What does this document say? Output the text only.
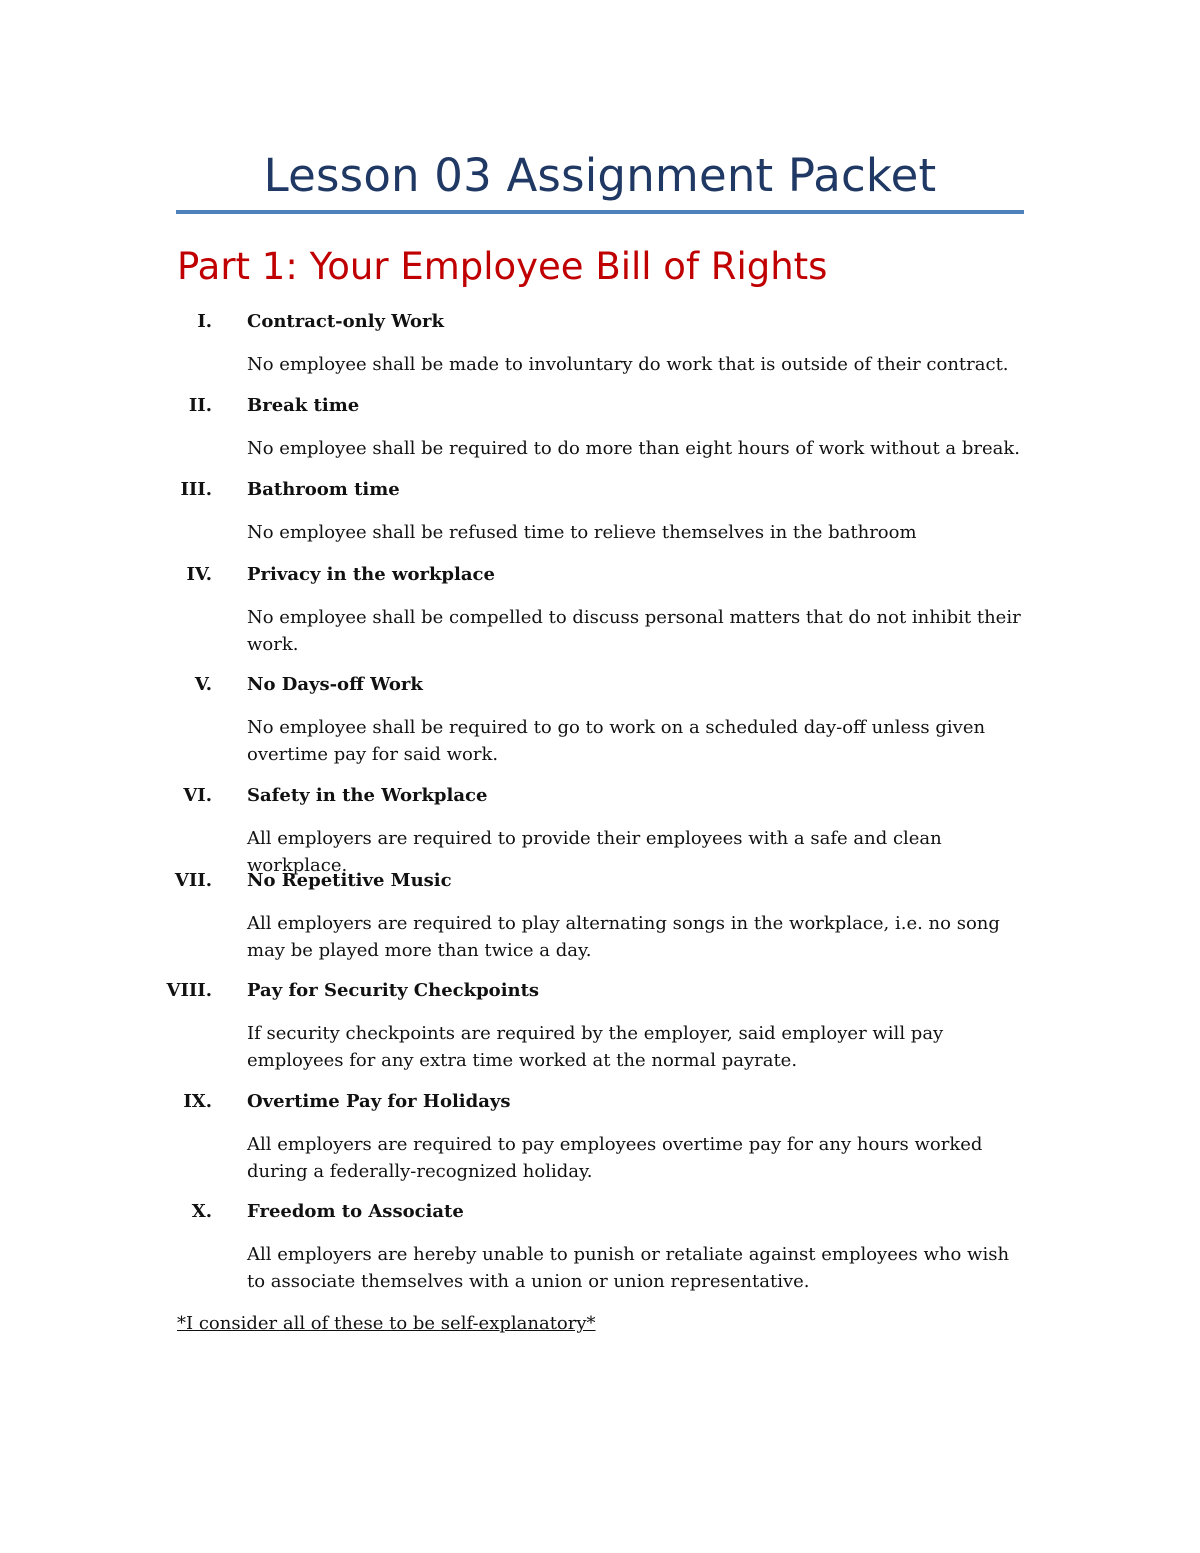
Lesson 03 Assignment Packet
Part 1: Your Employee Bill of Rights
I. Contract-only Work
No employee shall be made to involuntary do work that is outside of their contract.
II. Break time
No employee shall be required to do more than eight hours of work without a break.
III. Bathroom time
No employee shall be refused time to relieve themselves in the bathroom
IV. Privacy in the workplace
No employee shall be compelled to discuss personal matters that do not inhibit their work.
V. No Days-off Work
No employee shall be required to go to work on a scheduled day-off unless given overtime pay for said work.
VI. Safety in the Workplace
All employers are required to provide their employees with a safe and clean workplace.
VII. No Repetitive Music
All employers are required to play alternating songs in the workplace, i.e. no song may be played more than twice a day.
VIII. Pay for Security Checkpoints
If security checkpoints are required by the employer, said employer will pay employees for any extra time worked at the normal payrate.
IX. Overtime Pay for Holidays
All employers are required to pay employees overtime pay for any hours worked during a federally-recognized holiday.
X. Freedom to Associate
All employers are hereby unable to punish or retaliate against employees who wish to associate themselves with a union or union representative.
*I consider all of these to be self-explanatory*
